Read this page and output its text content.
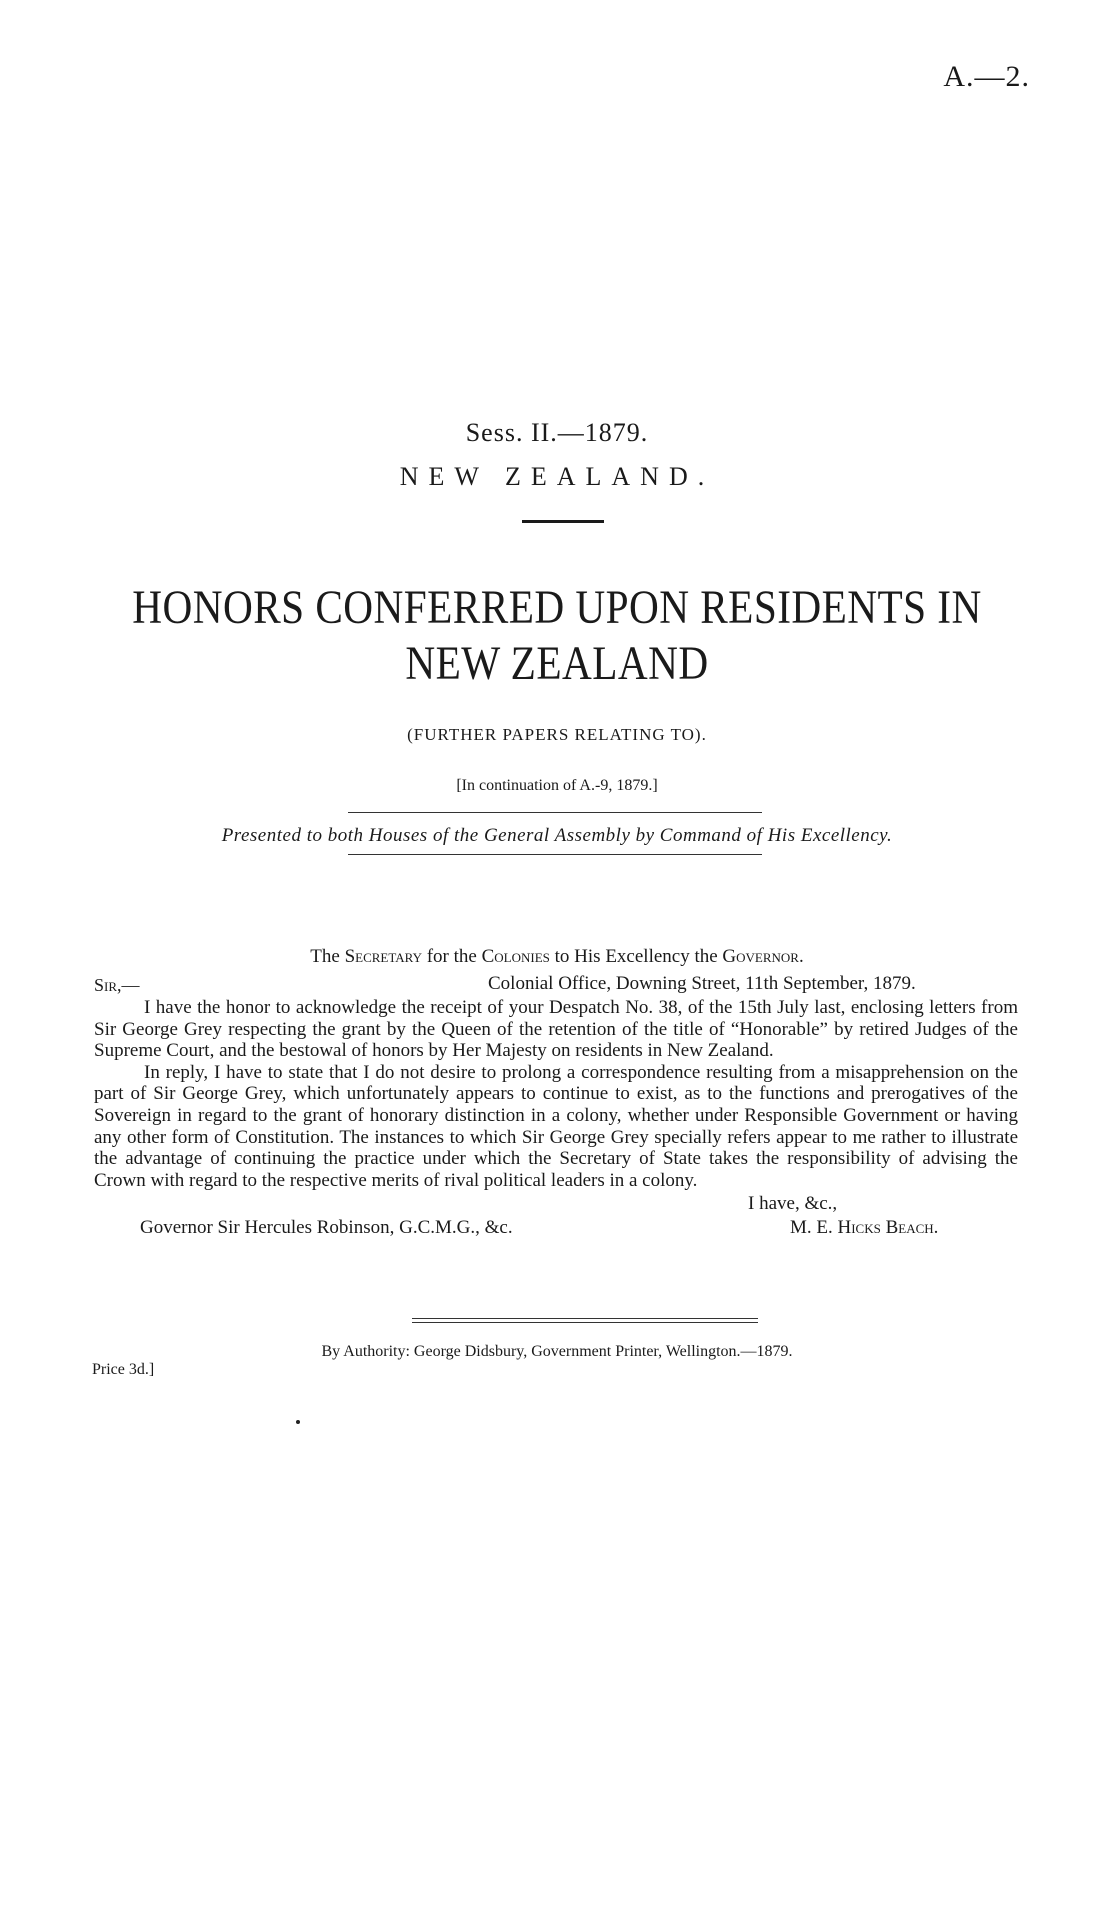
A.—2.
Sess. II.—1879.
NEW ZEALAND.
HONORS CONFERRED UPON RESIDENTS IN
NEW ZEALAND
(FURTHER PAPERS RELATING TO).
[In continuation of A.-9, 1879.]
Presented to both Houses of the General Assembly by Command of His Excellency.
The Secretary for the Colonies to His Excellency the Governor.
Sir,—	Colonial Office, Downing Street, 11th September, 1879.

I have the honor to acknowledge the receipt of your Despatch No. 38, of the 15th July last, enclosing letters from Sir George Grey respecting the grant by the Queen of the retention of the title of “Honorable” by retired Judges of the Supreme Court, and the bestowal of honors by Her Majesty on residents in New Zealand.

In reply, I have to state that I do not desire to prolong a correspondence resulting from a misapprehension on the part of Sir George Grey, which unfortunately appears to continue to exist, as to the functions and prerogatives of the Sovereign in regard to the grant of honorary distinction in a colony, whether under Responsible Government or having any other form of Constitution. The instances to which Sir George Grey specially refers appear to me rather to illustrate the advantage of continuing the practice under which the Secretary of State takes the responsibility of advising the Crown with regard to the respective merits of rival political leaders in a colony.

I have, &c.,
Governor Sir Hercules Robinson, G.C.M.G., &c.	M. E. Hicks Beach.
By Authority: George Didsbury, Government Printer, Wellington.—1879.
Price 3d.]
